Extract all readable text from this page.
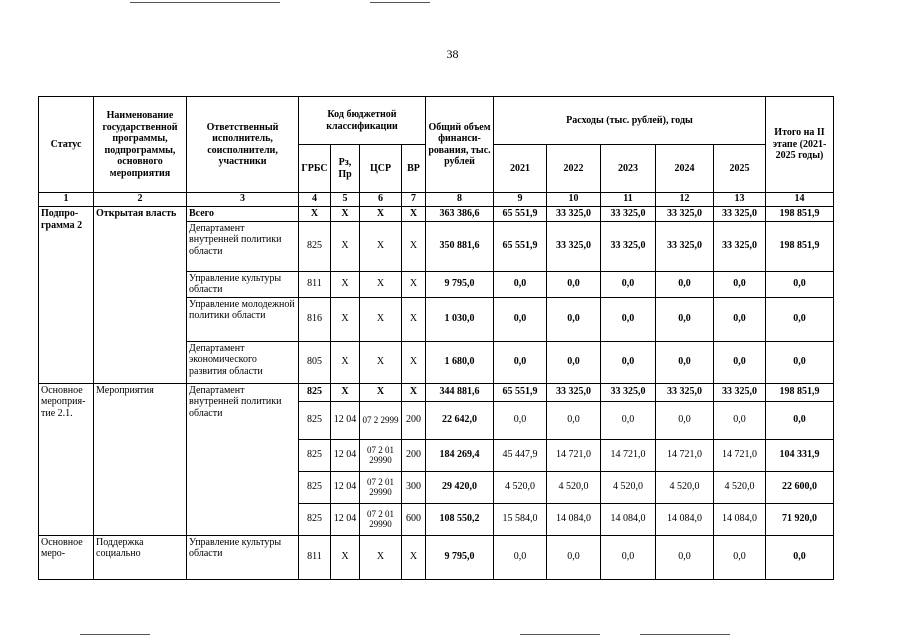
38
Статус	Наименование государственной программы, подпрограммы, основного мероприятия	Ответственный исполнитель, соисполнители, участники	Код бюджетной классификации				Общий объем финанси-рования, тыс. рублей	Расходы (тыс. рублей), годы					Итого на II этапе (2021-2025 годы)
			ГРБС	Рз, Пр	ЦСР	ВР		2021	2022	2023	2024	2025	
1	2	3	4	5	6	7	8	9	10	11	12	13	14
Подпро-грамма 2	Открытая власть	Всего	Х	Х	Х	Х	363 386,6	65 551,9	33 325,0	33 325,0	33 325,0	33 325,0	198 851,9
		Департамент внутренней политики области	825	Х	Х	Х	350 881,6	65 551,9	33 325,0	33 325,0	33 325,0	33 325,0	198 851,9
		Управление культуры области	811	Х	Х	Х	9 795,0	0,0	0,0	0,0	0,0	0,0	0,0
		Управление молодежной политики области	816	Х	Х	Х	1 030,0	0,0	0,0	0,0	0,0	0,0	0,0
		Департамент экономического развития области	805	Х	Х	Х	1 680,0	0,0	0,0	0,0	0,0	0,0	0,0
Основное мероприя-тие 2.1.	Мероприятия	Департамент внутренней политики области	825	Х	Х	Х	344 881,6	65 551,9	33 325,0	33 325,0	33 325,0	33 325,0	198 851,9
			825	12 04	07 2 2999	200	22 642,0	0,0	0,0	0,0	0,0	0,0	0,0
			825	12 04	07 2 01 29990	200	184 269,4	45 447,9	14 721,0	14 721,0	14 721,0	14 721,0	104 331,9
			825	12 04	07 2 01 29990	300	29 420,0	4 520,0	4 520,0	4 520,0	4 520,0	4 520,0	22 600,0
			825	12 04	07 2 01 29990	600	108 550,2	15 584,0	14 084,0	14 084,0	14 084,0	14 084,0	71 920,0
Основное меро-	Поддержка социально	Управление культуры области	811	Х	Х	Х	9 795,0	0,0	0,0	0,0	0,0	0,0	0,0
